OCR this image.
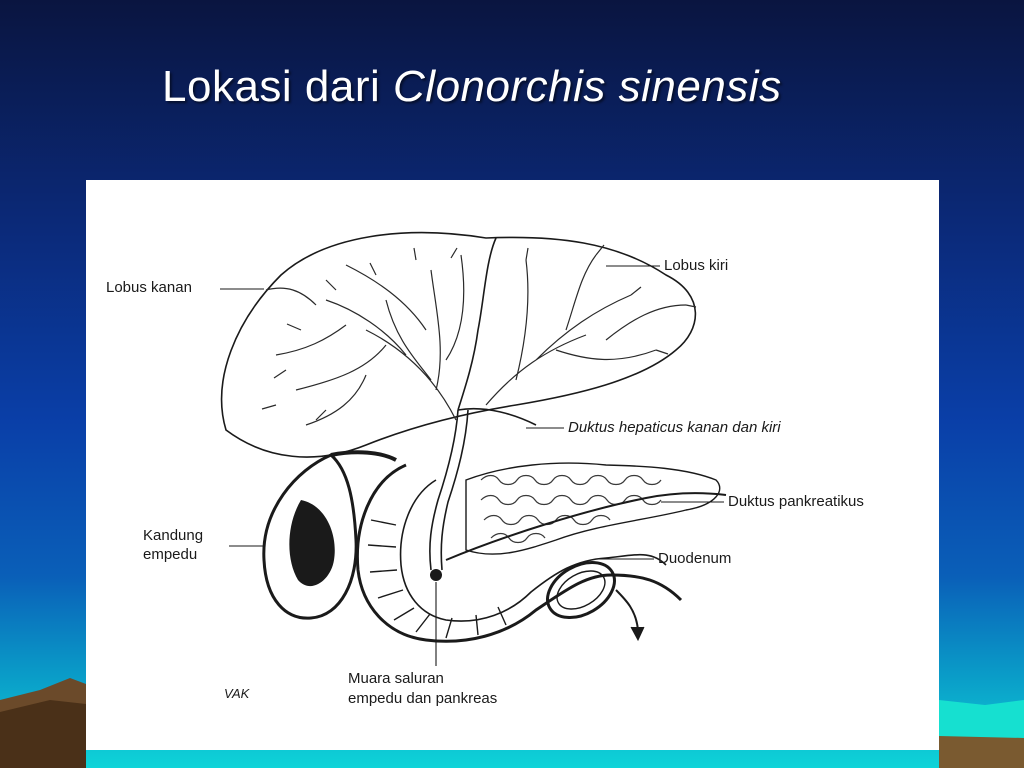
Lokasi dari Clonorchis sinensis
Lobus kanan
Lobus kiri
Duktus hepaticus kanan dan kiri
Duktus pankreatikus
Kandung
empedu	Duodenum
Muara saluran
empedu dan pankreas
VAK
